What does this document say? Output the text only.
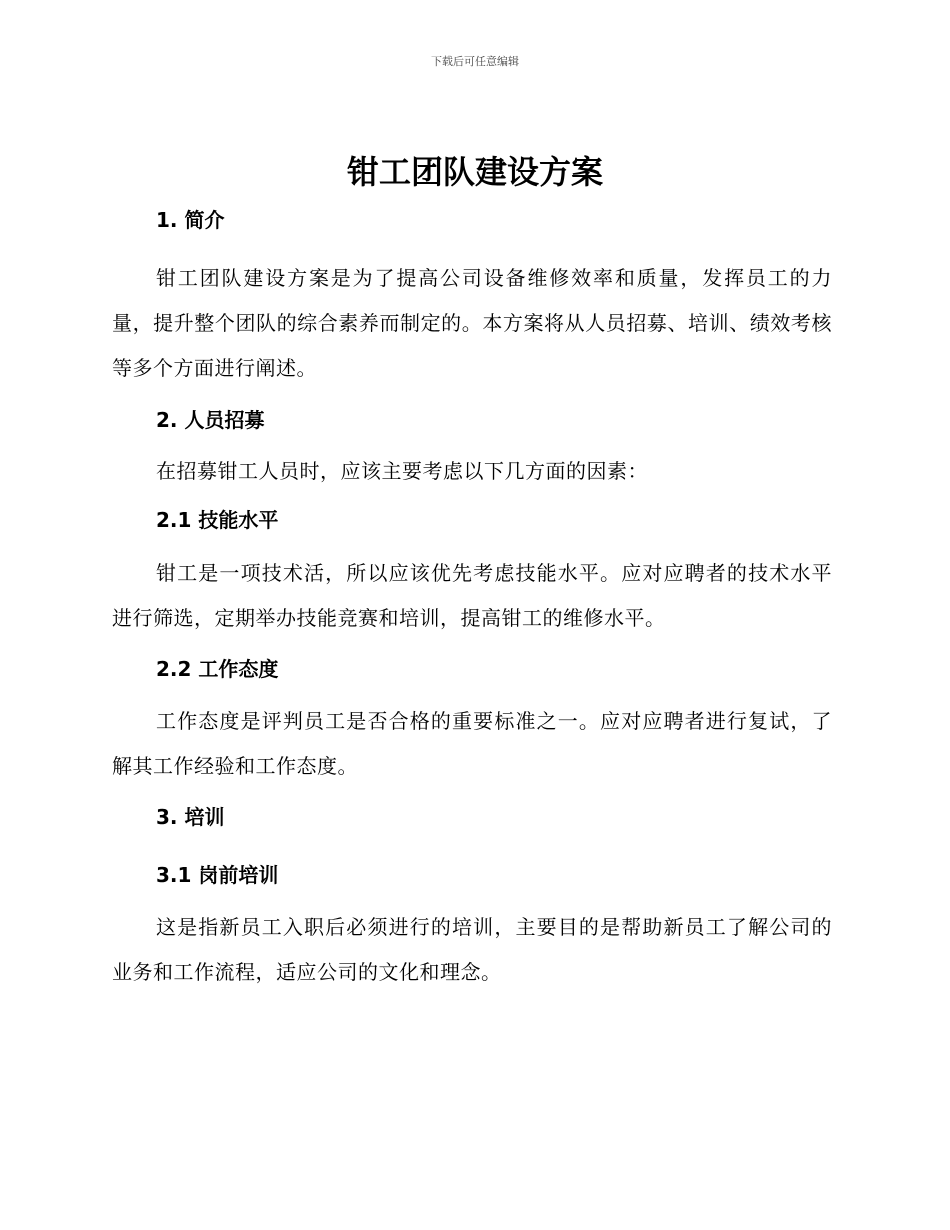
下载后可任意编辑
钳工团队建设方案
1. 简介

钳工团队建设方案是为了提高公司设备维修效率和质量，发挥员工的力量，提升整个团队的综合素养而制定的。本方案将从人员招募、培训、绩效考核等多个方面进行阐述。

2. 人员招募

在招募钳工人员时，应该主要考虑以下几方面的因素：

2.1 技能水平

钳工是一项技术活，所以应该优先考虑技能水平。应对应聘者的技术水平进行筛选，定期举办技能竞赛和培训，提高钳工的维修水平。

2.2 工作态度

工作态度是评判员工是否合格的重要标准之一。应对应聘者进行复试，了解其工作经验和工作态度。

3. 培训
3.1 岗前培训

这是指新员工入职后必须进行的培训，主要目的是帮助新员工了解公司的业务和工作流程，适应公司的文化和理念。
